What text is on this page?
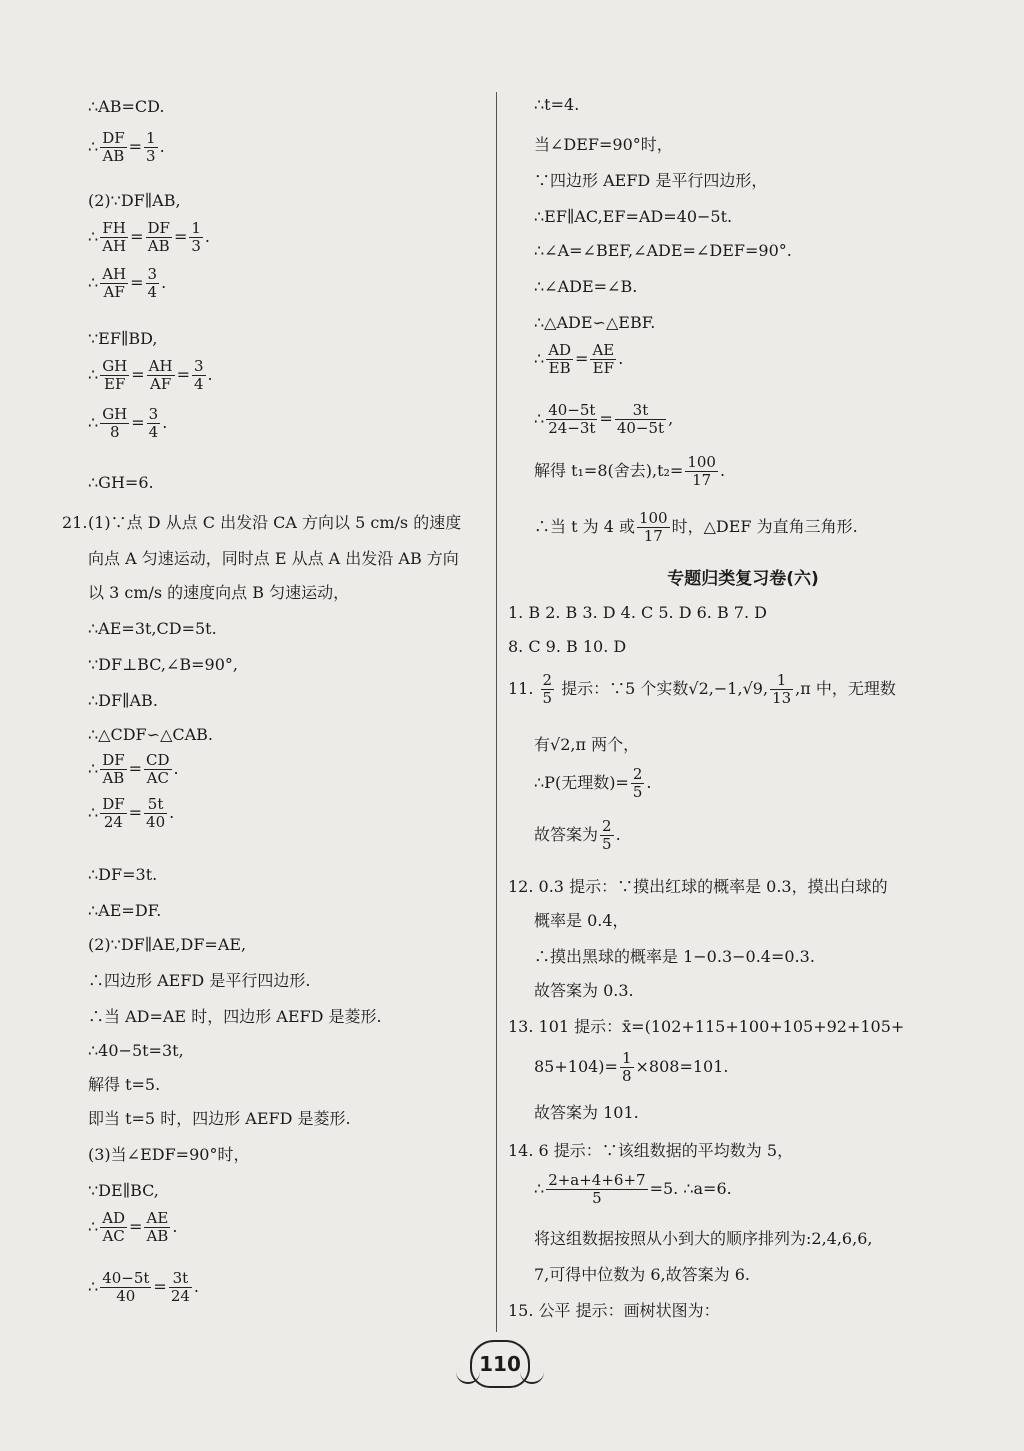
∴AB=CD.
∴ $\frac{DF}{AB} = \frac{1}{3}$ .
(2)∵DF∥AB,
∴ $\frac{FH}{AH} = \frac{DF}{AB} = \frac{1}{3}$ .
∴ $\frac{AH}{AF} = \frac{3}{4}$ .
∵EF∥BD,
∴ $\frac{GH}{EF} = \frac{AH}{AF} = \frac{3}{4}$ .
∴ $\frac{GH}{8} = \frac{3}{4}$ .
∴GH=6.
21.(1)∵点 D 从点 C 出发沿 CA 方向以 5 cm/s 的速度
向点 A 匀速运动，同时点 E 从点 A 出发沿 AB 方向
以 3 cm/s 的速度向点 B 匀速运动，
∴AE=3t,CD=5t.
∵DF⊥BC,∠B=90°,
∴DF∥AB.
∴△CDF∽△CAB.
∴ $\frac{DF}{AB} = \frac{CD}{AC}$ .
∴ $\frac{DF}{24} = \frac{5t}{40}$ .
∴DF=3t.
∴AE=DF.
(2)∵DF∥AE,DF=AE,
∴四边形 AEFD 是平行四边形.
∴当 AD=AE 时，四边形 AEFD 是菱形.
∴40−5t=3t,
解得 t=5.
即当 t=5 时，四边形 AEFD 是菱形.
(3)当∠EDF=90°时，
∵DE∥BC,
∴ $\frac{AD}{AC} = \frac{AE}{AB}$ .
∴ $\frac{40-5t}{40} = \frac{3t}{24}$ .
∴t=4.
当∠DEF=90°时，
∵四边形 AEFD 是平行四边形，
∴EF∥AC,EF=AD=40−5t.
∴∠A=∠BEF,∠ADE=∠DEF=90°.
∴∠ADE=∠B.
∴△ADE∽△EBF.
∴ $\frac{AD}{EB} = \frac{AE}{EF}$ .
∴ $\frac{40-5t}{24-3t} = \frac{3t}{40-5t}$ ,
解得 t₁=8(舍去)$,t_2= \frac{100}{17}$ .
∴当 t 为 4 或 $\frac{100}{17}$ 时，△DEF 为直角三角形.
专题归类复习卷(六)
1. B 2. B 3. D 4. C 5. D 6. B 7. D
8. C 9. B 10. D
11. $\frac{2}{5}$ 提示：∵5 个实数√2,−1,√9, $\frac{1}{13} ,\pi$ 中，无理数
有√2,π 两个，
∴P(无理数)= $\frac{2}{5}$ .
故答案为 $\frac{2}{5}$ .
12. 0.3 提示：∵摸出红球的概率是 0.3，摸出白球的
概率是 0.4，
∴摸出黑球的概率是 1−0.3−0.4=0.3.
故答案为 0.3.
13. 101 提示：x̄=(102+115+100+105+92+105+
$85+104)= \frac{1}{8} \times 808=101$.
故答案为 101.
14. 6 提示：∵该组数据的平均数为 5，
∴ $\frac{2+a+4+6+7}{5} =5$. ∴a=6.
将这组数据按照从小到大的顺序排列为:2,4,6,6,
7,可得中位数为 6,故答案为 6.
15. 公平 提示：画树状图为：
110
